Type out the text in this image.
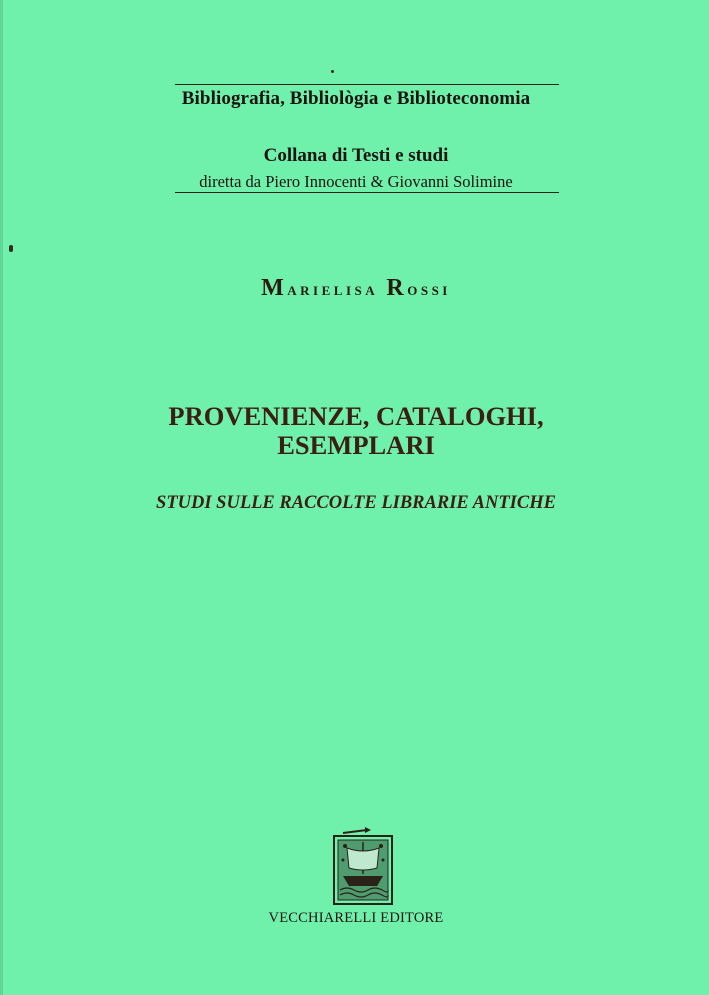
Bibliografia, Bibliològia e Biblioteconomia
Collana di Testi e studi
diretta da Piero Innocenti & Giovanni Solimine
Marielisa Rossi
PROVENIENZE, CATALOGHI,
ESEMPLARI
STUDI SULLE RACCOLTE LIBRARIE ANTICHE
VECCHIARELLI EDITORE
